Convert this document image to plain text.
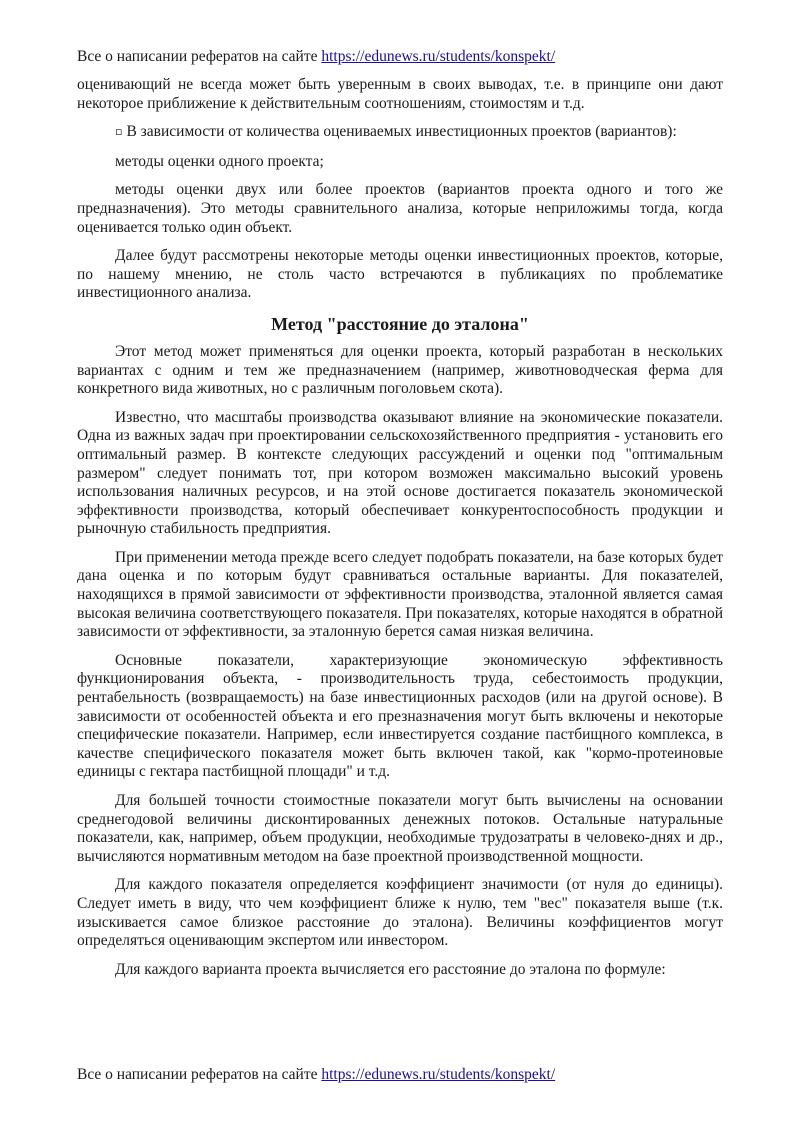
Все о написании рефератов на сайте https://edunews.ru/students/konspekt/

оценивающий не всегда может быть уверенным в своих выводах, т.е. в принципе они дают некоторое приближение к действительным соотношениям, стоимостям и т.д.

▫ В зависимости от количества оцениваемых инвестиционных проектов (вариантов):

методы оценки одного проекта;

методы оценки двух или более проектов (вариантов проекта одного и того же предназначения). Это методы сравнительного анализа, которые неприложимы тогда, когда оценивается только один объект.

Далее будут рассмотрены некоторые методы оценки инвестиционных проектов, которые, по нашему мнению, не столь часто встречаются в публикациях по проблематике инвестиционного анализа.

Метод "расстояние до эталона"

Этот метод может применяться для оценки проекта, который разработан в нескольких вариантах с одним и тем же предназначением (например, животноводческая ферма для конкретного вида животных, но с различным поголовьем скота).

Известно, что масштабы производства оказывают влияние на экономические показатели. Одна из важных задач при проектировании сельскохозяйственного предприятия - установить его оптимальный размер. В контексте следующих рассуждений и оценки под "оптимальным размером" следует понимать тот, при котором возможен максимально высокий уровень использования наличных ресурсов, и на этой основе достигается показатель экономической эффективности производства, который обеспечивает конкурентоспособность продукции и рыночную стабильность предприятия.

При применении метода прежде всего следует подобрать показатели, на базе которых будет дана оценка и по которым будут сравниваться остальные варианты. Для показателей, находящихся в прямой зависимости от эффективности производства, эталонной является самая высокая величина соответствующего показателя. При показателях, которые находятся в обратной зависимости от эффективности, за эталонную берется самая низкая величина.

Основные показатели, характеризующие экономическую эффективность функционирования объекта, - производительность труда, себестоимость продукции, рентабельность (возвращаемость) на базе инвестиционных расходов (или на другой основе). В зависимости от особенностей объекта и его презназначения могут быть включены и некоторые специфические показатели. Например, если инвестируется создание пастбищного комплекса, в качестве специфического показателя может быть включен такой, как "кормо-протеиновые единицы с гектара пастбищной площади" и т.д.

Для большей точности стоимостные показатели могут быть вычислены на основании среднегодовой величины дисконтированных денежных потоков. Остальные натуральные показатели, как, например, объем продукции, необходимые трудозатраты в человеко-днях и др., вычисляются нормативным методом на базе проектной производственной мощности.

Для каждого показателя определяется коэффициент значимости (от нуля до единицы). Следует иметь в виду, что чем коэффициент ближе к нулю, тем "вес" показателя выше (т.к. изыскивается самое близкое расстояние до эталона). Величины коэффициентов могут определяться оценивающим экспертом или инвестором.

Для каждого варианта проекта вычисляется его расстояние до эталона по формуле:

Все о написании рефератов на сайте https://edunews.ru/students/konspekt/
